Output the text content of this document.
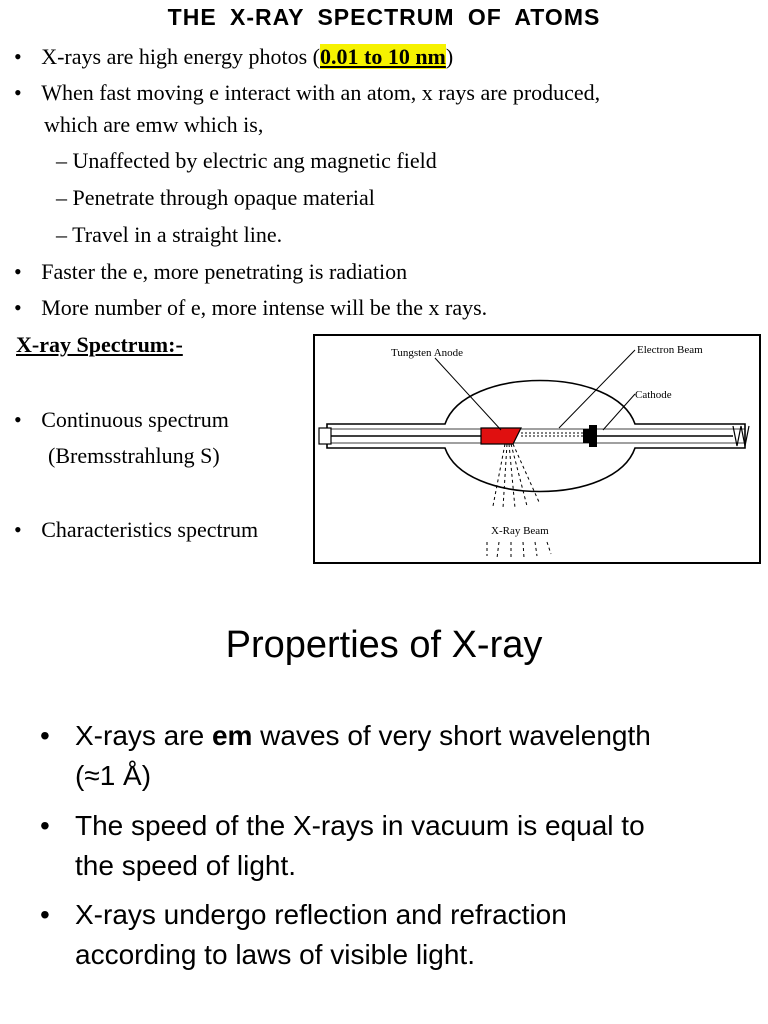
THE X-RAY SPECTRUM OF ATOMS
• X-rays are high energy photos (0.01 to 10 nm)
• When fast moving e interact with an atom, x rays are produced,
which are emw which is,
– Unaffected by electric ang magnetic field
– Penetrate through opaque material
– Travel in a straight line.
• Faster the e, more penetrating is radiation
• More number of e, more intense will be the x rays.
X-ray Spectrum:-
• Continuous spectrum
(Bremsstrahlung S)
• Characteristics spectrum
Tungsten Anode	Electron Beam
Cathode
X-Ray Beam
Properties of X-ray
• X-rays are em waves of very short wavelength
(≈1 Å)
• The speed of the X-rays in vacuum is equal to
the speed of light.
• X-rays undergo reflection and refraction
according to laws of visible light.
